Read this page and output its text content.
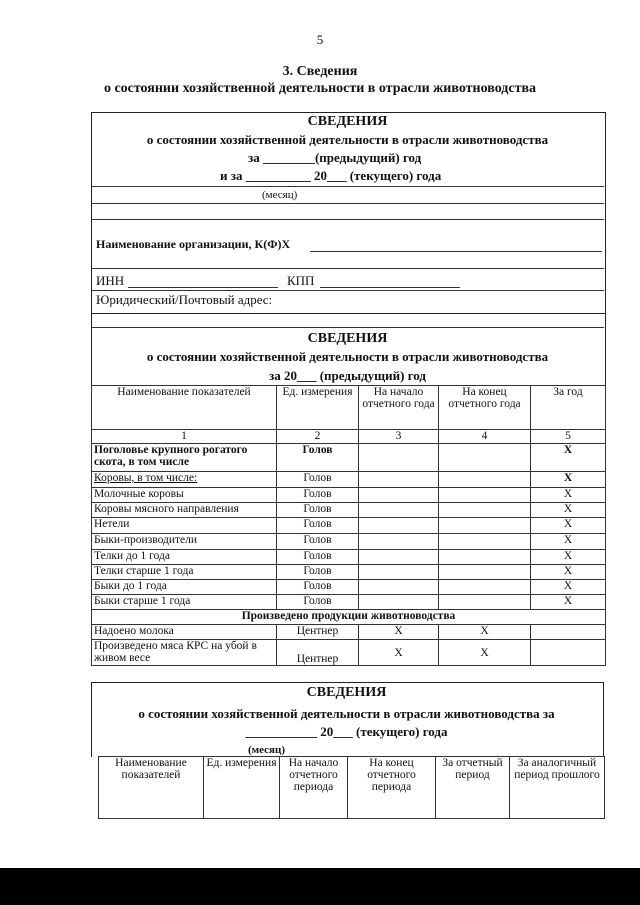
5
3. Сведения
о состоянии хозяйственной деятельности в отрасли животноводства
СВЕДЕНИЯ
о состоянии хозяйственной деятельности в отрасли животноводства
за ________(предыдущий) год
и за __________ 20___ (текущего) года
(месяц)
Наименование организации, К(Ф)Х
ИНН	КПП
Юридический/Почтовый адрес:
СВЕДЕНИЯ
о состоянии хозяйственной деятельности в отрасли животноводства
за 20___ (предыдущий) год
Наименование показателей	Ед. измерения	На начало отчетного года	На конец отчетного года	За год
1	2	3	4	5
Поголовье крупного рогатого скота, в том числе	Голов			Х
Коровы, в том числе:	Голов			Х
Молочные коровы	Голов			Х
Коровы мясного направления	Голов			Х
Нетели	Голов			Х
Быки-производители	Голов			Х
Телки до 1 года	Голов			Х
Телки старше 1 года	Голов			Х
Быки до 1 года	Голов			Х
Быки старше 1 года	Голов			Х
Произведено продукции животноводства				
Надоено молока	Центнер	Х	Х	
Произведено мяса КРС на убой в живом весе	Центнер	Х	Х	
СВЕДЕНИЯ
о состоянии хозяйственной деятельности в отрасли животноводства за
___________ 20___ (текущего) года
(месяц)
Наименование показателей	Ед. измерения	На начало отчетного периода	На конец отчетного периода	За отчетный период	За аналогичный период прошлого
